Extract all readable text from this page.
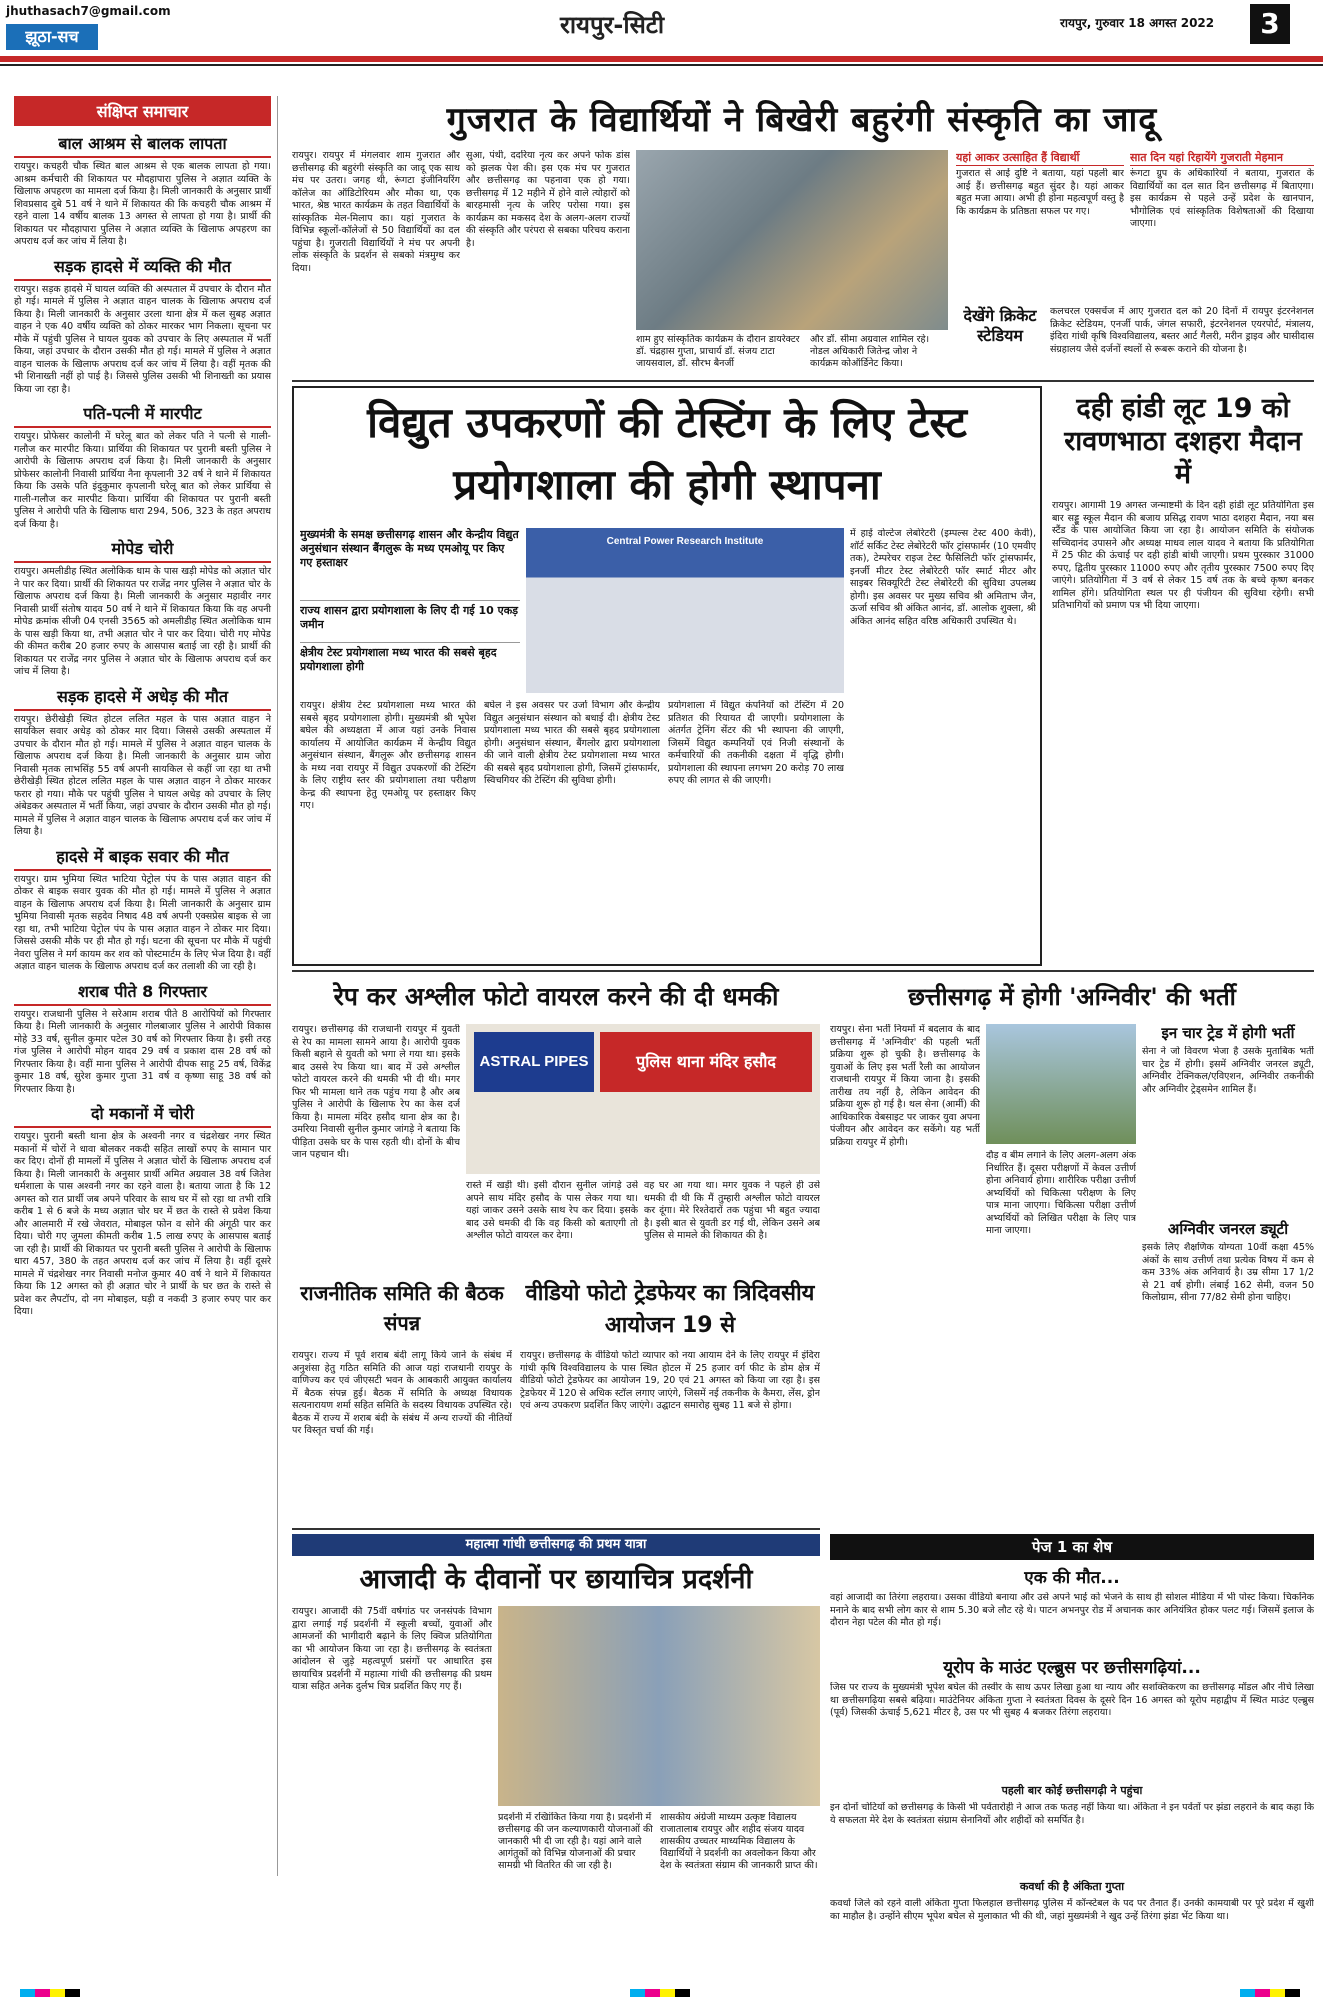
jhuthasach7@gmail.com
झूठा-सच	रायपुर-सिटी	रायपुर, गुरुवार 18 अगस्त 2022	3
संक्षिप्त समाचार
बाल आश्रम से बालक लापता

रायपुर। कचहरी चौक स्थित बाल आश्रम से एक बालक लापता हो गया। आश्रम कर्मचारी की शिकायत पर मौदहापारा पुलिस ने अज्ञात व्यक्ति के खिलाफ अपहरण का मामला दर्ज किया है। मिली जानकारी के अनुसार प्रार्थी शिवप्रसाद दुबे 51 वर्ष ने थाने में शिकायत की कि कचहरी चौक आश्रम में रहने वाला 14 वर्षीय बालक 13 अगस्त से लापता हो गया है। प्रार्थी की शिकायत पर मौदहापारा पुलिस ने अज्ञात व्यक्ति के खिलाफ अपहरण का अपराध दर्ज कर जांच में लिया है।

सड़क हादसे में व्यक्ति की मौत

रायपुर। सड़क हादसे में घायल व्यक्ति की अस्पताल में उपचार के दौरान मौत हो गई। मामले में पुलिस ने अज्ञात वाहन चालक के खिलाफ अपराध दर्ज किया है। मिली जानकारी के अनुसार उरला थाना क्षेत्र में कल सुबह अज्ञात वाहन ने एक 40 वर्षीय व्यक्ति को ठोकर मारकर भाग निकला। सूचना पर मौके में पहुंची पुलिस ने घायल युवक को उपचार के लिए अस्पताल में भर्ती किया, जहां उपचार के दौरान उसकी मौत हो गई। मामले में पुलिस ने अज्ञात वाहन चालक के खिलाफ अपराध दर्ज कर जांच में लिया है। वहीं मृतक की भी शिनाख्ती नहीं हो पाई है। जिससे पुलिस उसकी भी शिनाख्ती का प्रयास किया जा रहा है।

पति-पत्नी में मारपीट

रायपुर। प्रोफेसर कालोनी में घरेलू बात को लेकर पति ने पत्नी से गाली-गलौज कर मारपीट किया। प्रार्थिया की शिकायत पर पुरानी बस्ती पुलिस ने आरोपी के खिलाफ अपराध दर्ज किया है। मिली जानकारी के अनुसार प्रोफेसर कालोनी निवासी प्रार्थिया नैना कृपलानी 32 वर्ष ने थाने में शिकायत किया कि उसके पति इंदुकुमार कृपलानी घरेलू बात को लेकर प्रार्थिया से गाली-गलौज कर मारपीट किया। प्रार्थिया की शिकायत पर पुरानी बस्ती पुलिस ने आरोपी पति के खिलाफ धारा 294, 506, 323 के तहत अपराध दर्ज किया है।

मोपेड चोरी

रायपुर। अमलीडीह स्थित अलोकिक धाम के पास खड़ी मोपेड को अज्ञात चोर ने पार कर दिया। प्रार्थी की शिकायत पर राजेंद्र नगर पुलिस ने अज्ञात चोर के खिलाफ अपराध दर्ज किया है। मिली जानकारी के अनुसार महावीर नगर निवासी प्रार्थी संतोष यादव 50 वर्ष ने थाने में शिकायत किया कि वह अपनी मोपेड क्रमांक सीजी 04 एनसी 3565 को अमलीडीह स्थित अलोकिक धाम के पास खड़ी किया था, तभी अज्ञात चोर ने पार कर दिया। चोरी गए मोपेड की कीमत करीब 20 हजार रुपए के आसपास बताई जा रही है। प्रार्थी की शिकायत पर राजेंद्र नगर पुलिस ने अज्ञात चोर के खिलाफ अपराध दर्ज कर जांच में लिया है।

सड़क हादसे में अधेड़ की मौत

रायपुर। छेरीखेड़ी स्थित होटल ललित महल के पास अज्ञात वाहन ने सायकिल सवार अधेड़ को ठोकर मार दिया। जिससे उसकी अस्पताल में उपचार के दौरान मौत हो गई। मामले में पुलिस ने अज्ञात वाहन चालक के खिलाफ अपराध दर्ज किया है। मिली जानकारी के अनुसार ग्राम जोरा निवासी मृतक लाभसिंह 55 वर्ष अपनी सायकिल से कहीं जा रहा था तभी छेरीखेड़ी स्थित होटल ललित महल के पास अज्ञात वाहन ने ठोकर मारकर फरार हो गया। मौके पर पहुंची पुलिस ने घायल अधेड़ को उपचार के लिए अंबेडकर अस्पताल में भर्ती किया, जहां उपचार के दौरान उसकी मौत हो गई। मामले में पुलिस ने अज्ञात वाहन चालक के खिलाफ अपराध दर्ज कर जांच में लिया है।

हादसे में बाइक सवार की मौत

रायपुर। ग्राम भुमिया स्थित भाटिया पेट्रोल पंप के पास अज्ञात वाहन की ठोकर से बाइक सवार युवक की मौत हो गई। मामले में पुलिस ने अज्ञात वाहन के खिलाफ अपराध दर्ज किया है। मिली जानकारी के अनुसार ग्राम भुमिया निवासी मृतक सहदेव निषाद 48 वर्ष अपनी एक्सप्रेस बाइक से जा रहा था, तभी भाटिया पेट्रोल पंप के पास अज्ञात वाहन ने ठोकर मार दिया। जिससे उसकी मौके पर ही मौत हो गई। घटना की सूचना पर मौके में पहुंची नेवरा पुलिस ने मर्ग कायम कर शव को पोस्टमार्टम के लिए भेज दिया है। वहीं अज्ञात वाहन चालक के खिलाफ अपराध दर्ज कर तलाशी की जा रही है।

शराब पीते 8 गिरफ्तार

रायपुर। राजधानी पुलिस ने सरेआम शराब पीते 8 आरोपियों को गिरफ्तार किया है। मिली जानकारी के अनुसार गोलबाजार पुलिस ने आरोपी विकास मोहे 33 वर्ष, सुनील कुमार पटेल 30 वर्ष को गिरफ्तार किया है। इसी तरह गंज पुलिस ने आरोपी मोहन यादव 29 वर्ष व प्रकाश दास 28 वर्ष को गिरफ्तार किया है। वहीं माना पुलिस ने आरोपी दीपक साहू 25 वर्ष, विकेंद्र कुमार 18 वर्ष, सुरेश कुमार गुप्ता 31 वर्ष व कृष्णा साहू 38 वर्ष को गिरफ्तार किया है।

दो मकानों में चोरी

रायपुर। पुरानी बस्ती थाना क्षेत्र के अश्वनी नगर व चंद्रशेखर नगर स्थित मकानों में चोरों ने धावा बोलकर नकदी सहित लाखों रुपए के सामान पार कर दिए। दोनों ही मामलों में पुलिस ने अज्ञात चोरों के खिलाफ अपराध दर्ज किया है। मिली जानकारी के अनुसार प्रार्थी अमित अग्रवाल 38 वर्ष जितेश धर्मशाला के पास अश्वनी नगर का रहने वाला है। बताया जाता है कि 12 अगस्त को रात प्रार्थी जब अपने परिवार के साथ घर में सो रहा था तभी रात्रि करीब 1 से 6 बजे के मध्य अज्ञात चोर घर में छत के रास्ते से प्रवेश किया और आलमारी में रखे जेवरात, मोबाइल फोन व सोने की अंगूठी पार कर दिया। चोरी गए जुमला कीमती करीब 1.5 लाख रुपए के आसपास बताई जा रही है। प्रार्थी की शिकायत पर पुरानी बस्ती पुलिस ने आरोपी के खिलाफ धारा 457, 380 के तहत अपराध दर्ज कर जांच में लिया है। वहीं दूसरे मामले में चंद्रशेखर नगर निवासी मनोज कुमार 40 वर्ष ने थाने में शिकायत किया कि 12 अगस्त को ही अज्ञात चोर ने प्रार्थी के घर छत के रास्ते से प्रवेश कर लैपटॉप, दो नग मोबाइल, घड़ी व नकदी 3 हजार रुपए पार कर दिया।

गुजरात के विद्यार्थियों ने बिखेरी बहुरंगी संस्कृति का जादू
रायपुर। रायपुर में मंगलवार शाम गुजरात और छत्तीसगढ़ की बहुरंगी संस्कृति का जादू एक साथ मंच पर उतरा। जगह थी, रूंगटा इंजीनियरिंग कॉलेज का ऑडिटोरियम और मौका था, एक भारत, श्रेष्ठ भारत कार्यक्रम के तहत विद्यार्थियों के सांस्कृतिक मेल-मिलाप का। यहां गुजरात के विभिन्न स्कूलों-कॉलेजों से 50 विद्यार्थियों का दल पहुंचा है। गुजराती विद्यार्थियों ने मंच पर अपनी लोक संस्कृति के प्रदर्शन से सबको मंत्रमुग्ध कर दिया।
सुआ, पंथी, ददरिया नृत्य कर अपने फोक डांस को झलक पेश की। इस एक मंच पर गुजरात और छत्तीसगढ़ का पहनावा एक हो गया। छत्तीसगढ़ में 12 महीने में होने वाले त्योहारों को बारहमासी नृत्य के जरिए परोसा गया। इस कार्यक्रम का मकसद देश के अलग-अलग राज्यों की संस्कृति और परंपरा से सबका परिचय कराना है।
शाम हुए सांस्कृतिक कार्यक्रम के दौरान डायरेक्टर डॉ. चंद्रहास गुप्ता, प्राचार्य डॉ. संजय टाटा जायसवाल, डॉ. सौरभ बैनर्जी
और डॉ. सीमा अग्रवाल शामिल रहे। नोडल अधिकारी जितेन्द्र जोश ने कार्यक्रम कोऑर्डिनेट किया।
यहां आकर उत्साहित हैं विद्यार्थी
गुजरात से आई दुष्टि ने बताया, यहां पहली बार आई हैं। छत्तीसगढ़ बहुत सुंदर है। यहां आकर बहुत मजा आया। अभी ही होना महत्वपूर्ण वस्तु है कि कार्यक्रम के प्रतिष्ठता सफल पर गए।
सात दिन यहां रिहायेंगे गुजराती मेहमान
रूंगटा ग्रुप के अधिकारियों ने बताया, गुजरात के विद्यार्थियों का दल सात दिन छत्तीसगढ़ में बिताएगा। इस कार्यक्रम से पहले उन्हें प्रदेश के खानपान, भौगोलिक एवं सांस्कृतिक विशेषताओं की दिखाया जाएगा।
देखेंगे क्रिकेट स्टेडियम
कलचरल एक्सचेंज में आए गुजरात दल को 20 दिनों में रायपुर इंटरनेशनल क्रिकेट स्टेडियम, एनर्जी पार्क, जंगल सफारी, इंटरनेशनल एयरपोर्ट, मंत्रालय, इंदिरा गांधी कृषि विश्वविद्यालय, बस्तर आर्ट गैलरी, मरीन ड्राइव और घासीदास संग्रहालय जैसे दर्जनों स्थलों से रूबरू कराने की योजना है।
विद्युत उपकरणों की टेस्टिंग के लिए टेस्ट प्रयोगशाला की होगी स्थापना
मुख्यमंत्री के समक्ष छत्तीसगढ़ शासन और केन्द्रीय विद्युत अनुसंधान संस्थान बैंगलुरू के मध्य एमओयू पर किए गए हस्ताक्षर
राज्य शासन द्वारा प्रयोगशाला के लिए दी गई 10 एकड़ जमीन
क्षेत्रीय टेस्ट प्रयोगशाला मध्य भारत की सबसे बृहद प्रयोगशाला होगी
Central Power Research Institute
में हाई वोल्टेज लेबोरेटरी (इम्पल्स टेस्ट 400 केवी), शॉर्ट सर्किट टेस्ट लेबोरेटरी फॉर ट्रांसफार्मर (10 एमवीए तक), टेम्परेचर राइज टेस्ट फैसिलिटी फॉर ट्रांसफार्मर, इनर्जी मीटर टेस्ट लेबोरेटरी फॉर स्मार्ट मीटर और साइबर सिक्यूरिटी टेस्ट लेबोरेटरी की सुविधा उपलब्ध होगी। इस अवसर पर मुख्य सचिव श्री अमिताभ जैन, ऊर्जा सचिव श्री अंकित आनंद, डॉ. आलोक शुक्ला, श्री अंकित आनंद सहित वरिष्ठ अधिकारी उपस्थित थे।
रायपुर। क्षेत्रीय टेस्ट प्रयोगशाला मध्य भारत की सबसे बृहद प्रयोगशाला होगी। मुख्यमंत्री श्री भूपेश बघेल की अध्यक्षता में आज यहां उनके निवास कार्यालय में आयोजित कार्यक्रम में केन्द्रीय विद्युत अनुसंधान संस्थान, बैंगलुरू और छत्तीसगढ़ शासन के मध्य नवा रायपुर में विद्युत उपकरणों की टेस्टिंग के लिए राष्ट्रीय स्तर की प्रयोगशाला तथा परीक्षण केन्द्र की स्थापना हेतु एमओयू पर हस्ताक्षर किए गए।
बघेल ने इस अवसर पर उर्जा विभाग और केन्द्रीय विद्युत अनुसंधान संस्थान को बधाई दी। क्षेत्रीय टेस्ट प्रयोगशाला मध्य भारत की सबसे बृहद प्रयोगशाला होगी। अनुसंधान संस्थान, बैंगलोर द्वारा प्रयोगशाला की जाने वाली क्षेत्रीय टेस्ट प्रयोगशाला मध्य भारत की सबसे बृहद प्रयोगशाला होगी, जिसमें ट्रांसफार्मर, स्विचगियर की टेस्टिंग की सुविधा होगी।
प्रयोगशाला में विद्युत कंपनियों को टेस्टिंग में 20 प्रतिशत की रियायत दी जाएगी। प्रयोगशाला के अंतर्गत ट्रेनिंग सेंटर की भी स्थापना की जाएगी, जिसमें विद्युत कम्पनियों एवं निजी संस्थानों के कर्मचारियों की तकनीकी दक्षता में वृद्धि होगी। प्रयोगशाला की स्थापना लगभग 20 करोड़ 70 लाख रुपए की लागत से की जाएगी।
दही हांडी लूट 19 को रावणभाठा दशहरा मैदान में
रायपुर। आगामी 19 अगस्त जन्माष्टमी के दिन दही हांडी लूट प्रतियोगिता इस बार सड्डू स्कूल मैदान की बजाय प्रसिद्ध रावण भाठा दशहरा मैदान, नया बस स्टैंड के पास आयोजित किया जा रहा है। आयोजन समिति के संयोजक सच्चिदानंद उपासने और अध्यक्ष माधव लाल यादव ने बताया कि प्रतियोगिता में 25 फीट की ऊंचाई पर दही हांडी बांधी जाएगी। प्रथम पुरस्कार 31000 रुपए, द्वितीय पुरस्कार 11000 रुपए और तृतीय पुरस्कार 7500 रुपए दिए जाएंगे। प्रतियोगिता में 3 वर्ष से लेकर 15 वर्ष तक के बच्चे कृष्ण बनकर शामिल होंगे। प्रतियोगिता स्थल पर ही पंजीयन की सुविधा रहेगी। सभी प्रतिभागियों को प्रमाण पत्र भी दिया जाएगा।
रेप कर अश्लील फोटो वायरल करने की दी धमकी
रायपुर। छत्तीसगढ़ की राजधानी रायपुर में युवती से रेप का मामला सामने आया है। आरोपी युवक किसी बहाने से युवती को भगा ले गया था। इसके बाद उससे रेप किया था। बाद में उसे अश्लील फोटो वायरल करने की धमकी भी दी थी। मगर फिर भी मामला थाने तक पहुंच गया है और अब पुलिस ने आरोपी के खिलाफ रेप का केस दर्ज किया है। मामला मंदिर हसौद थाना क्षेत्र का है। उमरिया निवासी सुनील कुमार जांगड़े ने बताया कि पीड़िता उसके घर के पास रहती थी। दोनों के बीच जान पहचान थी।
ASTRAL PIPES	पुलिस थाना मंदिर हसौद
रास्ते में खड़ी थी। इसी दौरान सुनील जांगड़े उसे अपने साथ मंदिर हसौद के पास लेकर गया था। यहां जाकर उसने उसके साथ रेप कर दिया। इसके बाद उसे धमकी दी कि वह किसी को बताएगी तो अश्लील फोटो वायरल कर देगा।
वह घर आ गया था। मगर युवक ने पहले ही उसे धमकी दी थी कि मैं तुम्हारी अश्लील फोटो वायरल कर दूंगा। मेरे रिश्तेदारों तक पहुंचा भी बहुत ज्यादा है। इसी बात से युवती डर गई थी, लेकिन उसने अब पुलिस से मामले की शिकायत की है।
छत्तीसगढ़ में होगी 'अग्निवीर' की भर्ती
रायपुर। सेना भर्ती नियमों में बदलाव के बाद छत्तीसगढ़ में 'अग्निवीर' की पहली भर्ती प्रक्रिया शुरू हो चुकी है। छत्तीसगढ़ के युवाओं के लिए इस भर्ती रैली का आयोजन राजधानी रायपुर में किया जाना है। इसकी तारीख तय नहीं है, लेकिन आवेदन की प्रक्रिया शुरू हो गई है। थल सेना (आर्मी) की आधिकारिक वेबसाइट पर जाकर युवा अपना पंजीयन और आवेदन कर सकेंगे। यह भर्ती प्रक्रिया रायपुर में होगी।
दौड़ व बीम लगाने के लिए अलग-अलग अंक निर्धारित हैं। दूसरा परीक्षणों में केवल उत्तीर्ण होना अनिवार्य होगा। शारीरिक परीक्षा उत्तीर्ण अभ्यर्थियों को चिकित्सा परीक्षण के लिए पात्र माना जाएगा। चिकित्सा परीक्षा उत्तीर्ण अभ्यर्थियों को लिखित परीक्षा के लिए पात्र माना जाएगा।
इन चार ट्रेड में होगी भर्ती
सेना ने जो विवरण भेजा है उसके मुताबिक भर्ती चार ट्रेड में होगी। इसमें अग्निवीर जनरल ड्यूटी, अग्निवीर टेक्निकल/एविएशन, अग्निवीर तकनीकी और अग्निवीर ट्रेड्समेन शामिल हैं।
अग्निवीर जनरल ड्यूटी
इसके लिए शैक्षणिक योग्यता 10वीं कक्षा 45% अंकों के साथ उत्तीर्ण तथा प्रत्येक विषय में कम से कम 33% अंक अनिवार्य है। उम्र सीमा 17 1/2 से 21 वर्ष होगी। लंबाई 162 सेमी, वजन 50 किलोग्राम, सीना 77/82 सेमी होना चाहिए।
राजनीतिक समिति की बैठक संपन्न
रायपुर। राज्य में पूर्व शराब बंदी लागू किये जाने के संबंध में अनुशंसा हेतु गठित समिति की आज यहां राजधानी रायपुर के वाणिज्य कर एवं जीएसटी भवन के आबकारी आयुक्त कार्यालय में बैठक संपन्न हुई। बैठक में समिति के अध्यक्ष विधायक सत्यनारायण शर्मा सहित समिति के सदस्य विधायक उपस्थित रहे। बैठक में राज्य में शराब बंदी के संबंध में अन्य राज्यों की नीतियों पर विस्तृत चर्चा की गई।
वीडियो फोटो ट्रेडफेयर का त्रिदिवसीय आयोजन 19 से
रायपुर। छत्तीसगढ़ के वीडियो फोटो व्यापार को नया आयाम देने के लिए रायपुर में इंदिरा गांधी कृषि विश्वविद्यालय के पास स्थित होटल में 25 हजार वर्ग फीट के डोम क्षेत्र में वीडियो फोटो ट्रेडफेयर का आयोजन 19, 20 एवं 21 अगस्त को किया जा रहा है। इस ट्रेडफेयर में 120 से अधिक स्टॉल लगाए जाएंगे, जिसमें नई तकनीक के कैमरा, लेंस, ड्रोन एवं अन्य उपकरण प्रदर्शित किए जाएंगे। उद्घाटन समारोह सुबह 11 बजे से होगा।
महात्मा गांधी छत्तीसगढ़ की प्रथम यात्रा
आजादी के दीवानों पर छायाचित्र प्रदर्शनी
रायपुर। आजादी की 75वीं वर्षगांठ पर जनसंपर्क विभाग द्वारा लगाई गई प्रदर्शनी में स्कूली बच्चों, युवाओं और आमजनों की भागीदारी बढ़ाने के लिए क्विज प्रतियोगिता का भी आयोजन किया जा रहा है। छत्तीसगढ़ के स्वतंत्रता आंदोलन से जुड़े महत्वपूर्ण प्रसंगों पर आधारित इस छायाचित्र प्रदर्शनी में महात्मा गांधी की छत्तीसगढ़ की प्रथम यात्रा सहित अनेक दुर्लभ चित्र प्रदर्शित किए गए हैं।
प्रदर्शनी में रखिांकित किया गया है। प्रदर्शनी में छत्तीसगढ़ की जन कल्याणकारी योजनाओं की जानकारी भी दी जा रही है। यहां आने वाले आगंतुकों को विभिन्न योजनाओं की प्रचार सामग्री भी वितरित की जा रही है।
शासकीय अंग्रेजी माध्यम उत्कृष्ट विद्यालय राजातालाब रायपुर और शहीद संजय यादव शासकीय उच्चतर माध्यमिक विद्यालय के विद्यार्थियों ने प्रदर्शनी का अवलोकन किया और देश के स्वतंत्रता संग्राम की जानकारी प्राप्त की।
पेज 1 का शेष
एक की मौत...
वहां आजादी का तिरंगा लहराया। उसका वीडियो बनाया और उसे अपने भाई को भेजने के साथ ही सोशल मीडिया में भी पोस्ट किया। चिकनिक मनाने के बाद सभी लोग कार से शाम 5.30 बजे लौट रहे थे। पाटन अभनपुर रोड में अचानक कार अनियंत्रित होकर पलट गई। जिसमें इलाज के दौरान नेहा पटेल की मौत हो गई।
यूरोप के माउंट एल्ब्रुस पर छत्तीसगढ़ियां...
जिस पर राज्य के मुख्यमंत्री भूपेश बघेल की तस्वीर के साथ ऊपर लिखा हुआ था न्याय और सशक्तिकरण का छत्तीसगढ़ मॉडल और नीचे लिखा था छत्तीसगढ़िया सबसे बढ़िया। माउंटेनियर अंकिता गुप्ता ने स्वतंत्रता दिवस के दूसरे दिन 16 अगस्त को यूरोप महाद्वीप में स्थित माउंट एल्ब्रुस (पूर्व) जिसकी ऊंचाई 5,621 मीटर है, उस पर भी सुबह 4 बजकर तिरंगा लहराया।
पहली बार कोई छत्तीसगढ़ी ने पहुंचा
इन दोनों चोटियों को छत्तीसगढ़ के किसी भी पर्वतारोही ने आज तक फतह नहीं किया था। अंकिता ने इन पर्वतों पर झंडा लहराने के बाद कहा कि ये सफलता मेरे देश के स्वतंत्रता संग्राम सेनानियों और शहीदों को समर्पित है।
कवर्धा की है अंकिता गुप्ता
कवर्धा जिले को रहने वाली अंकिता गुप्ता फिलहाल छत्तीसगढ़ पुलिस में कॉन्स्टेबल के पद पर तैनात हैं। उनकी कामयाबी पर पूरे प्रदेश में खुशी का माहौल है। उन्होंने सीएम भूपेश बघेल से मुलाकात भी की थी, जहां मुख्यमंत्री ने खुद उन्हें तिरंगा झंडा भेंट किया था।
